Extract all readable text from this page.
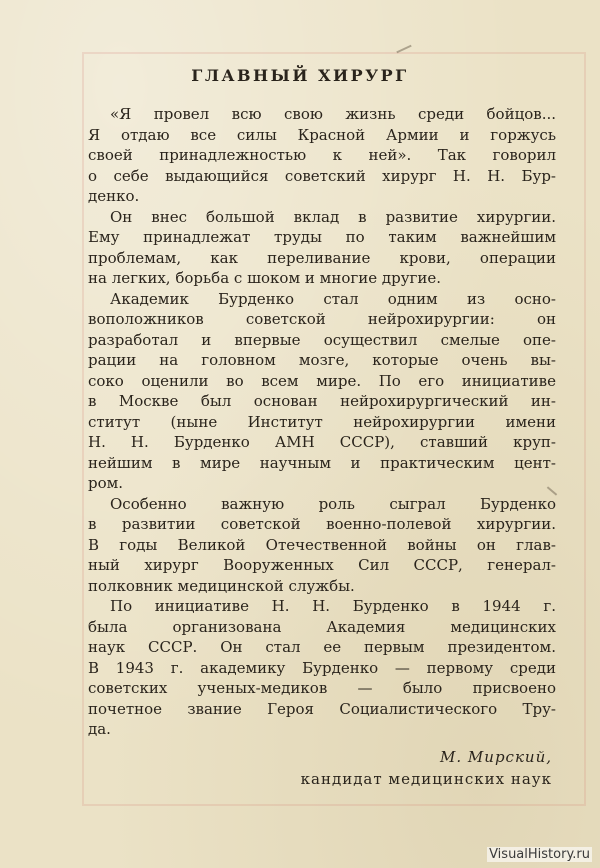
ГЛАВНЫЙ ХИРУРГ
«Я провел всю свою жизнь среди бойцов...
Я отдаю все силы Красной Армии и горжусь
своей принадлежностью к ней». Так говорил
о себе выдающийся советский хирург Н. Н. Бур-
денко.
Он внес большой вклад в развитие хирургии.
Ему принадлежат труды по таким важнейшим
проблемам, как переливание крови, операции
на легких, борьба с шоком и многие другие.
Академик Бурденко стал одним из осно-
воположников советской нейрохирургии: он
разработал и впервые осуществил смелые опе-
рации на головном мозге, которые очень вы-
соко оценили во всем мире. По его инициативе
в Москве был основан нейрохирургический ин-
ститут (ныне Институт нейрохирургии имени
Н. Н. Бурденко АМН СССР), ставший круп-
нейшим в мире научным и практическим цент-
ром.
Особенно важную роль сыграл Бурденко
в развитии советской военно-полевой хирургии.
В годы Великой Отечественной войны он глав-
ный хирург Вооруженных Сил СССР, генерал-
полковник медицинской службы.
По инициативе Н. Н. Бурденко в 1944 г.
была организована Академия медицинских
наук СССР. Он стал ее первым президентом.
В 1943 г. академику Бурденко — первому среди
советских ученых-медиков — было присвоено
почетное звание Героя Социалистического Тру-
да.
М. Мирский,
кандидат медицинских наук
VisualHistory.ru
